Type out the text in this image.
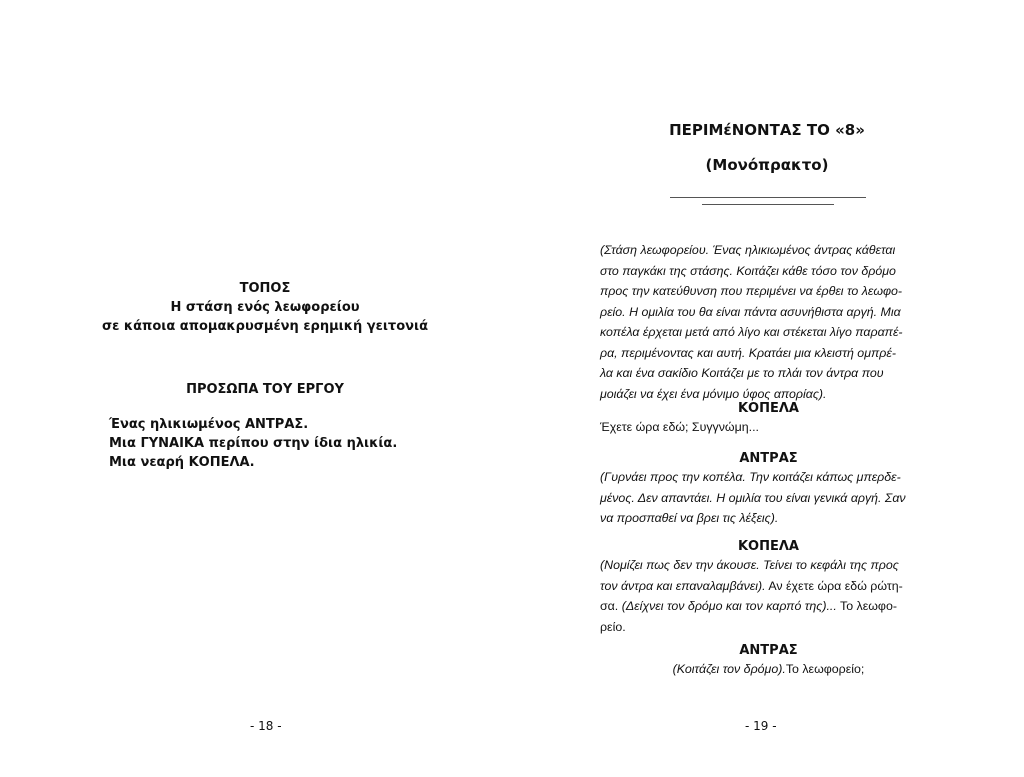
ΤΟΠΟΣ
Η στάση ενός λεωφορείου
σε κάποια απομακρυσμένη ερημική γειτονιά
ΠΡΟΣΩΠΑ ΤΟΥ ΕΡΓΟΥ
Ένας ηλικιωμένος ΑΝΤΡΑΣ.
Μια ΓΥΝΑΙΚΑ περίπου στην ίδια ηλικία.
Μια νεαρή ΚΟΠΕΛΑ.
- 18 -
ΠΕΡΙΜέΝΟΝΤΑΣ ΤΟ «8»
(Μονόπρακτο)
(Στάση λεωφορείου. Ένας ηλικιωμένος άντρας κάθεται
στο παγκάκι της στάσης. Κοιτάζει κάθε τόσο τον δρόμο
προς την κατεύθυνση που περιμένει να έρθει το λεωφο-
ρείο. Η ομιλία του θα είναι πάντα ασυνήθιστα αργή. Μια
κοπέλα έρχεται μετά από λίγο και στέκεται λίγο παραπέ-
ρα, περιμένοντας και αυτή. Κρατάει μια κλειστή ομπρέ-
λα και ένα σακίδιο Κοιτάζει με το πλάι τον άντρα που
μοιάζει να έχει ένα μόνιμο ύφος απορίας).
ΚΟΠΕΛΑ
Έχετε ώρα εδώ; Συγγνώμη...
ΑΝΤΡΑΣ
(Γυρνάει προς την κοπέλα. Την κοιτάζει κάπως μπερδε-
μένος. Δεν απαντάει. Η ομιλία του είναι γενικά αργή. Σαν
να προσπαθεί να βρει τις λέξεις).
ΚΟΠΕΛΑ
(Νομίζει πως δεν την άκουσε. Τείνει το κεφάλι της προς
τον άντρα και επαναλαμβάνει). Αν έχετε ώρα εδώ ρώτη-
σα. (Δείχνει τον δρόμο και τον καρπό της)... Το λεωφο-
ρείο.
ΑΝΤΡΑΣ
(Κοιτάζει τον δρόμο).Το λεωφορείο;
- 19 -
